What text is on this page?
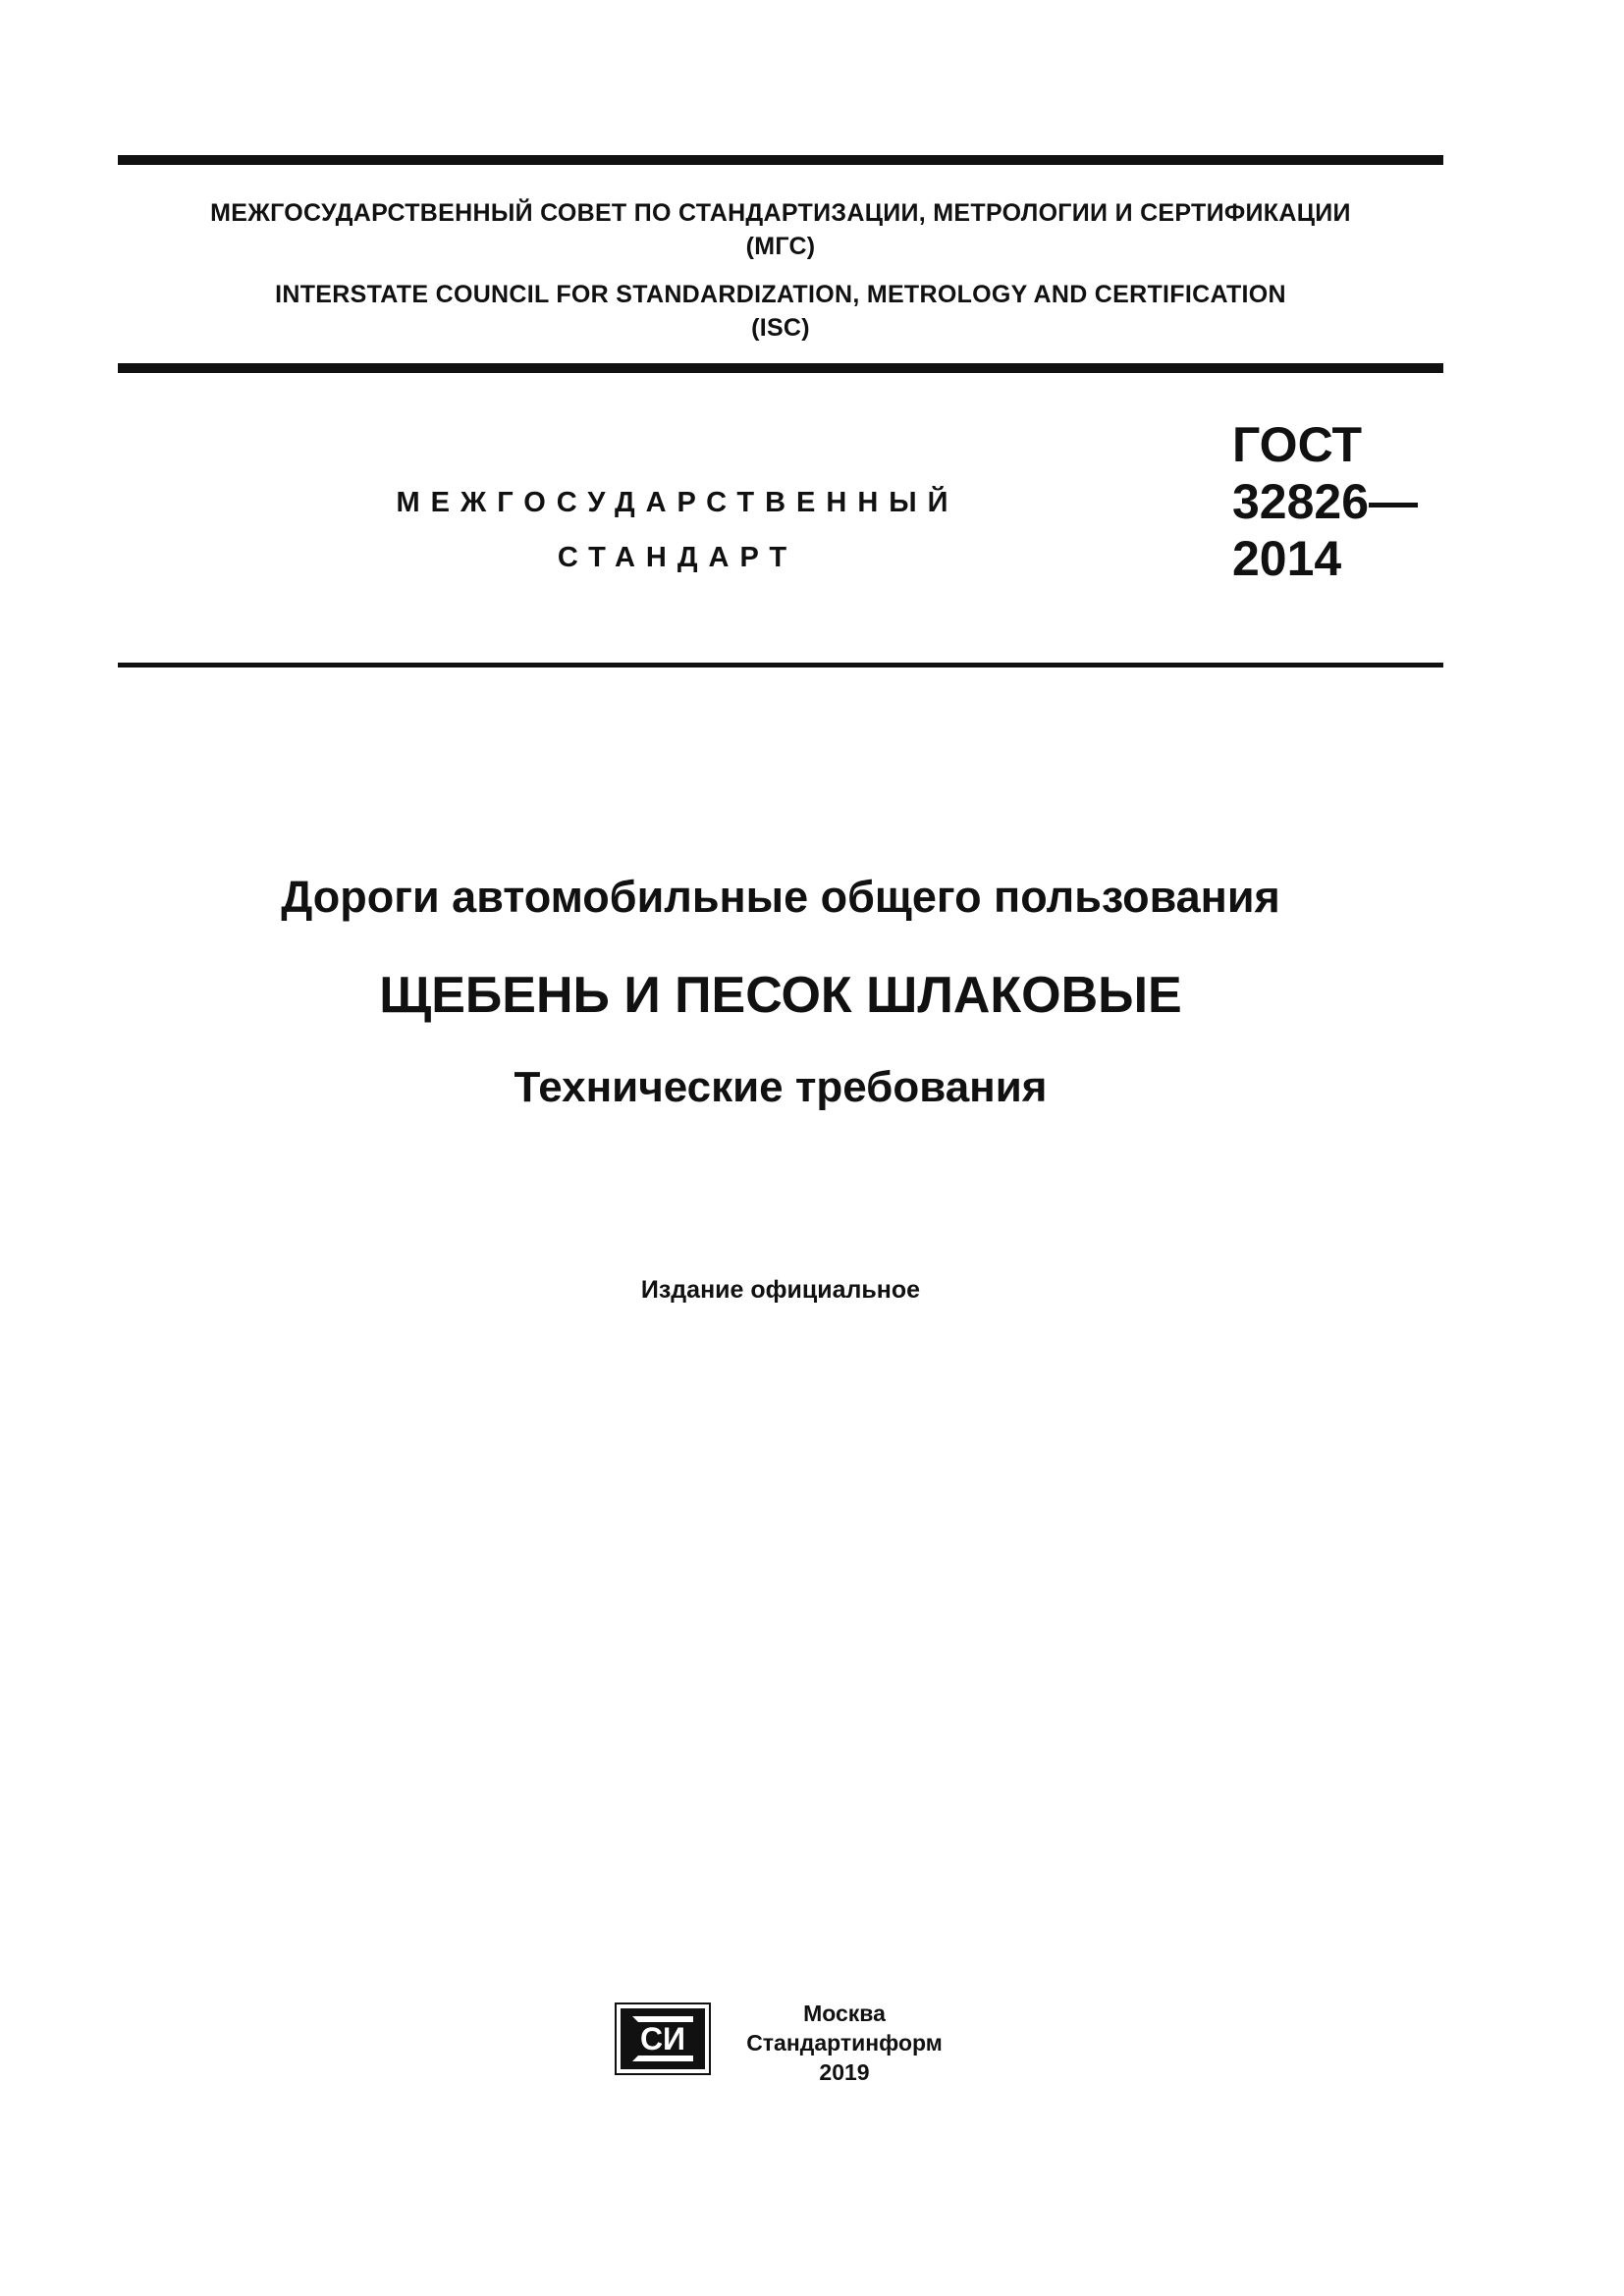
МЕЖГОСУДАРСТВЕННЫЙ СОВЕТ ПО СТАНДАРТИЗАЦИИ, МЕТРОЛОГИИ И СЕРТИФИКАЦИИ
(МГС)
INTERSTATE COUNCIL FOR STANDARDIZATION, METROLOGY AND CERTIFICATION
(ISC)
МЕЖГОСУДАРСТВЕННЫЙ
СТАНДАРТ
ГОСТ
32826—
2014
Дороги автомобильные общего пользования
ЩЕБЕНЬ И ПЕСОК ШЛАКОВЫЕ
Технические требования
Издание официальное
СИ
Москва
Стандартинформ
2019
